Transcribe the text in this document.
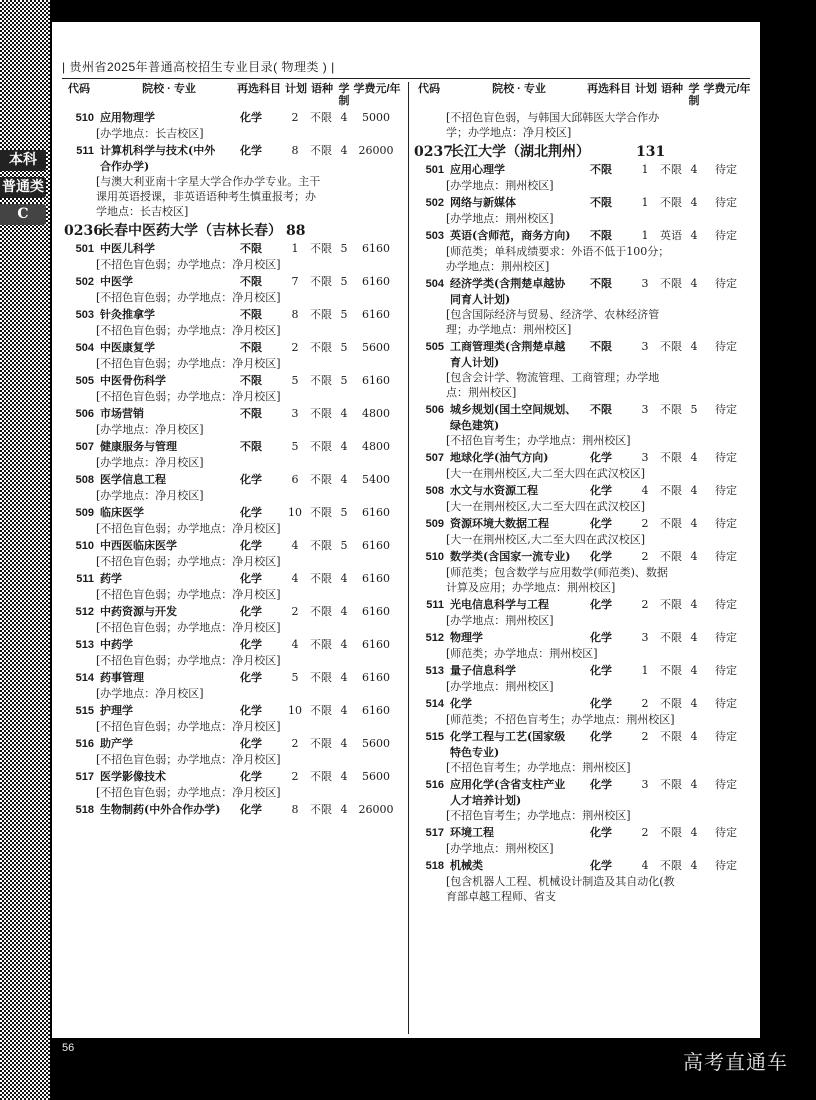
本科
普通类
C
| 贵州省2025年普通高校招生专业目录( 物理类 ) |
代码	院校 · 专业	再选科目 计划 语种 学制
学费元/年
510 应用物理学	化学	2	不限 4	5000
[办学地点：长吉校区]
511 计算机科学与技术(中外 化学	8	不限 4	26000
合作办学)
[与澳大利亚南十字星大学合作办学专业。主干课用英语授课，非英语语种考生慎重报考；办学地点：长吉校区]
0236
长春中医药大学（吉林长春） 88
501 中医儿科学	不限	1	不限 5	6160
[不招色盲色弱；办学地点：净月校区]
502 中医学	不限	7	不限 5	6160
[不招色盲色弱；办学地点：净月校区]
503 针灸推拿学	不限	8	不限 5	6160
[不招色盲色弱；办学地点：净月校区]
504 中医康复学	不限	2	不限 5	5600
[不招色盲色弱；办学地点：净月校区]
505 中医骨伤科学	不限	5	不限 5	6160
[不招色盲色弱；办学地点：净月校区]
506 市场营销	不限	3	不限 4	4800
[办学地点：净月校区]
507 健康服务与管理	不限	5	不限 4	4800
[办学地点：净月校区]
508 医学信息工程	化学	6	不限 4	5400
[办学地点：净月校区]
509 临床医学	化学 10 不限 5	6160
[不招色盲色弱；办学地点：净月校区]
510 中西医临床医学	化学	4	不限 5	6160
[不招色盲色弱；办学地点：净月校区]
511 药学	化学	4	不限 4	6160
[不招色盲色弱；办学地点：净月校区]
512 中药资源与开发	化学	2	不限 4	6160
[不招色盲色弱；办学地点：净月校区]
513 中药学	化学	4	不限 4	6160
[不招色盲色弱；办学地点：净月校区]
514 药事管理	化学	5	不限 4	6160
[办学地点：净月校区]
515 护理学	化学 10 不限 4	6160
[不招色盲色弱；办学地点：净月校区]
516 助产学	化学	2	不限 4	5600
[不招色盲色弱；办学地点：净月校区]
517 医学影像技术	化学	2	不限 4	5600
[不招色盲色弱；办学地点：净月校区]
518 生物制药(中外合作办学) 化学	8	不限 4	26000
代码	院校 · 专业	再选科目 计划 语种 学制
学费元/年
[不招色盲色弱，与韩国大邱韩医大学合作办学；办学地点：净月校区]
0237
长江大学（湖北荆州）	131
501 应用心理学	不限	1	不限 4	待定
[办学地点：荆州校区]
502 网络与新媒体	不限	1	不限 4	待定
[办学地点：荆州校区]
503 英语(含师范，商务方向) 不限	1	英语 4	待定
[师范类；单科成绩要求：外语不低于100分；办学地点：荆州校区]
504 经济学类(含荆楚卓越协 不限	3	不限 4	待定
同育人计划)
[包含国际经济与贸易、经济学、农林经济管理；办学地点：荆州校区]
505 工商管理类(含荆楚卓越 不限	3	不限 4	待定
育人计划)
[包含会计学、物流管理、工商管理；办学地点：荆州校区]
506 城乡规划(国土空间规划、 不限	3	不限 5	待定
绿色建筑)
[不招色盲考生；办学地点：荆州校区]
507 地球化学(油气方向)	化学	3	不限 4	待定
[大一在荆州校区,大二至大四在武汉校区]
508 水文与水资源工程	化学	4	不限 4	待定
[大一在荆州校区,大二至大四在武汉校区]
509 资源环境大数据工程	化学	2	不限 4	待定
[大一在荆州校区,大二至大四在武汉校区]
510 数学类(含国家一流专业) 化学	2	不限 4	待定
[师范类；包含数学与应用数学(师范类)、数据计算及应用；办学地点：荆州校区]
511 光电信息科学与工程	化学	2	不限 4	待定
[办学地点：荆州校区]
512 物理学	化学	3	不限 4	待定
[师范类；办学地点：荆州校区]
513 量子信息科学	化学	1	不限 4	待定
[办学地点：荆州校区]
514 化学	化学	2	不限 4	待定
[师范类；不招色盲考生；办学地点：荆州校区]
515 化学工程与工艺(国家级 化学	2	不限 4	待定
特色专业)
[不招色盲考生；办学地点：荆州校区]
516 应用化学(含省支柱产业 化学	3	不限 4	待定
人才培养计划)
[不招色盲考生；办学地点：荆州校区]
517 环境工程	化学	2	不限 4	待定
[办学地点：荆州校区]
518 机械类	化学	4	不限 4	待定
[包含机器人工程、机械设计制造及其自动化(教育部卓越工程师、省支
56
高考直通车
